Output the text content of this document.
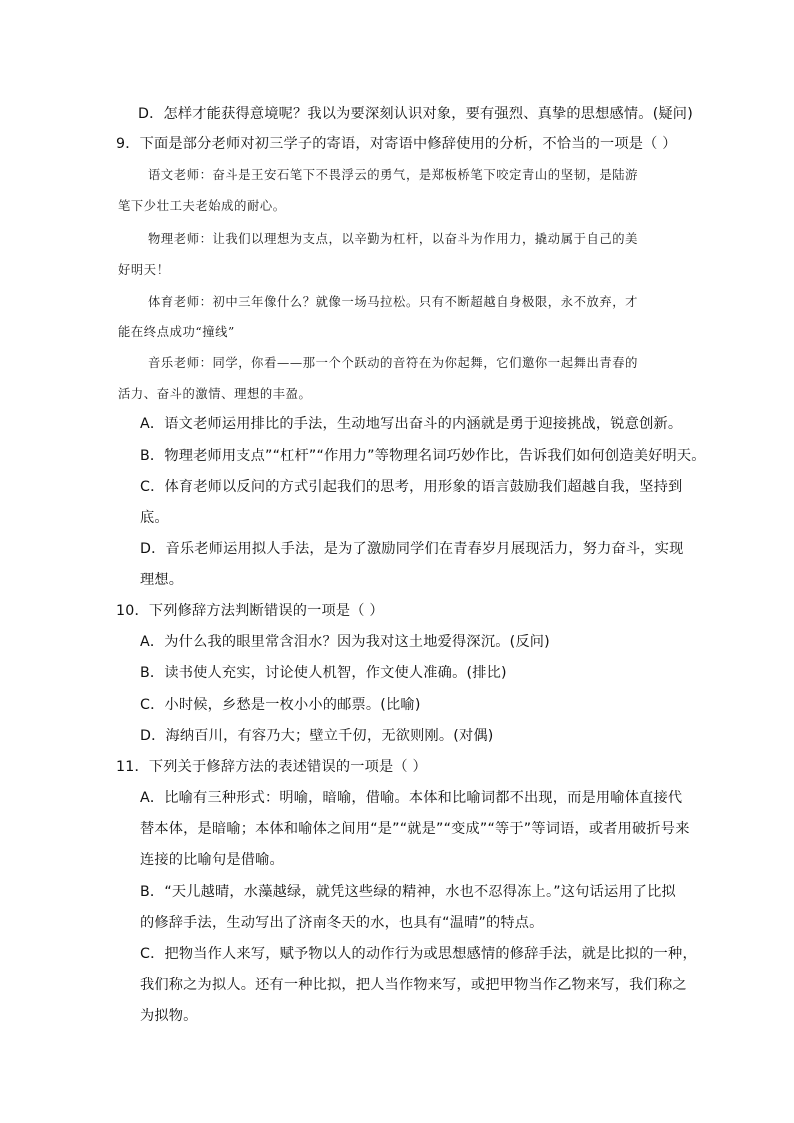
D．怎样才能获得意境呢？我以为要深刻认识对象，要有强烈、真挚的思想感情。(疑问)
9．下面是部分老师对初三学子的寄语，对寄语中修辞使用的分析，不恰当的一项是（ ）
语文老师：奋斗是王安石笔下不畏浮云的勇气，是郑板桥笔下咬定青山的坚韧，是陆游
笔下少壮工夫老始成的耐心。
物理老师：让我们以理想为支点，以辛勤为杠杆，以奋斗为作用力，撬动属于自己的美
好明天！
体育老师：初中三年像什么？就像一场马拉松。只有不断超越自身极限，永不放弃，才
能在终点成功“撞线”
音乐老师：同学，你看——那一个个跃动的音符在为你起舞，它们邀你一起舞出青春的
活力、奋斗的激情、理想的丰盈。
A．语文老师运用排比的手法，生动地写出奋斗的内涵就是勇于迎接挑战，锐意创新。
B．物理老师用支点”“杠杆”“作用力”等物理名词巧妙作比，告诉我们如何创造美好明天。
C．体育老师以反问的方式引起我们的思考，用形象的语言鼓励我们超越自我，坚持到
底。
D．音乐老师运用拟人手法，是为了激励同学们在青春岁月展现活力，努力奋斗，实现
理想。
10．下列修辞方法判断错误的一项是（ ）
A．为什么我的眼里常含泪水？因为我对这土地爱得深沉。(反问)
B．读书使人充实，讨论使人机智，作文使人准确。(排比)
C．小时候，乡愁是一枚小小的邮票。(比喻)
D．海纳百川，有容乃大；壁立千仞，无欲则刚。(对偶)
11．下列关于修辞方法的表述错误的一项是（ ）
A．比喻有三种形式：明喻，暗喻，借喻。本体和比喻词都不出现，而是用喻体直接代
替本体，是暗喻；本体和喻体之间用“是”“就是”“变成”“等于”等词语，或者用破折号来
连接的比喻句是借喻。
B．“天儿越晴，水藻越绿，就凭这些绿的精神，水也不忍得冻上。”这句话运用了比拟
的修辞手法，生动写出了济南冬天的水，也具有“温晴”的特点。
C．把物当作人来写，赋予物以人的动作行为或思想感情的修辞手法，就是比拟的一种，
我们称之为拟人。还有一种比拟，把人当作物来写，或把甲物当作乙物来写，我们称之
为拟物。
